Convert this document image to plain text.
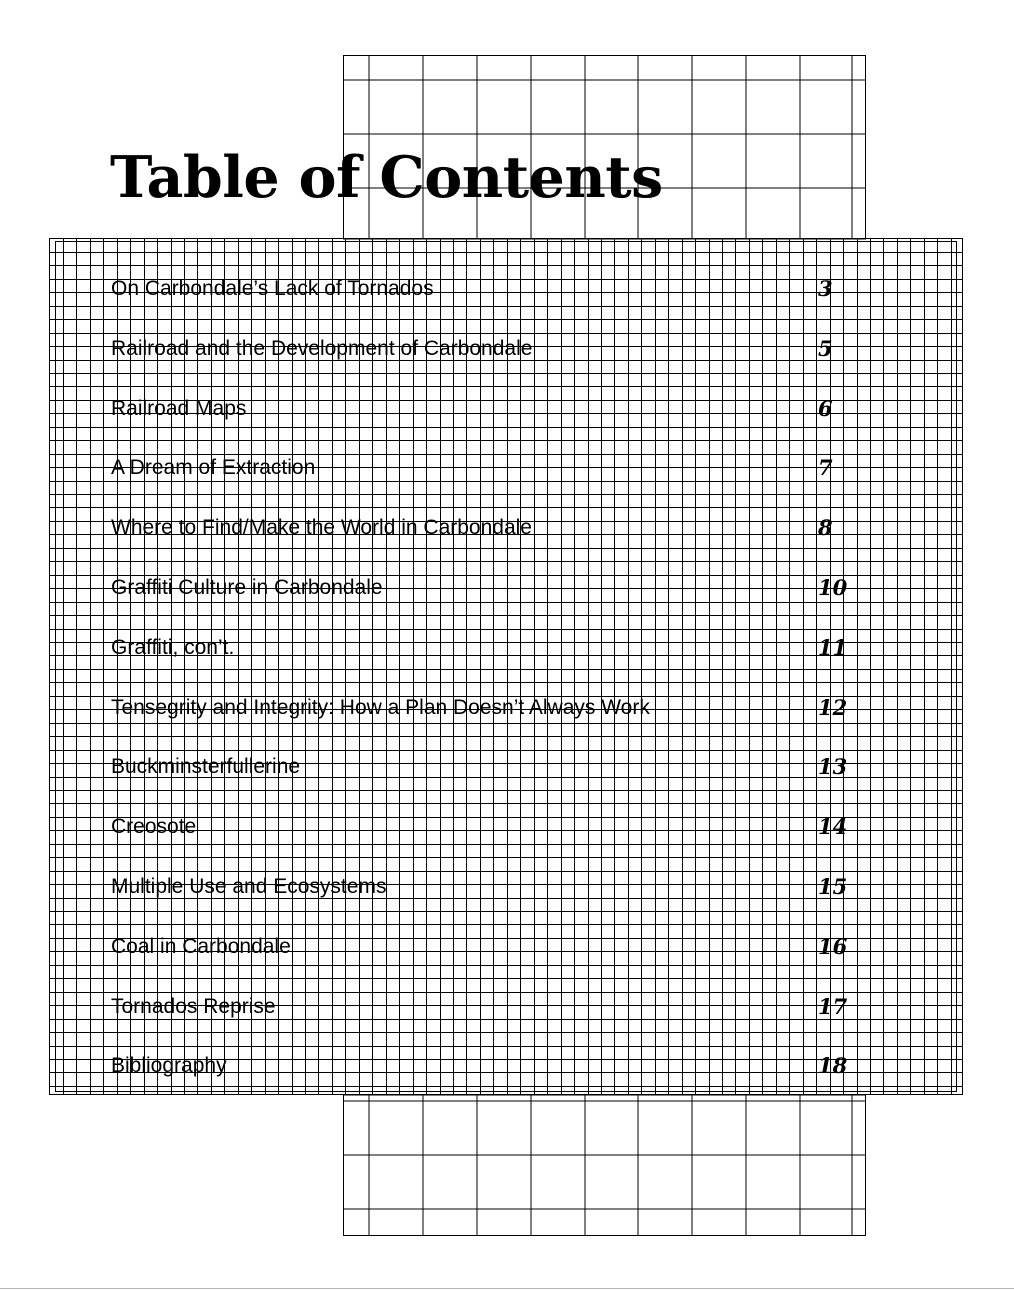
Table of Contents
On Carbondale’s Lack of Tornados	3
Railroad and the Development of Carbondale	5
Railroad Maps	6
A Dream of Extraction	7
Where to Find/Make the World in Carbondale	8
Graffiti Culture in Carbondale	10
Graffiti, con’t.	11
Tensegrity and Integrity: How a Plan Doesn’t Always Work	12
Buckminsterfullerine	13
Creosote	14
Multiple Use and Ecosystems	15
Coal in Carbondale	16
Tornados Reprise	17
Bibliography	18
